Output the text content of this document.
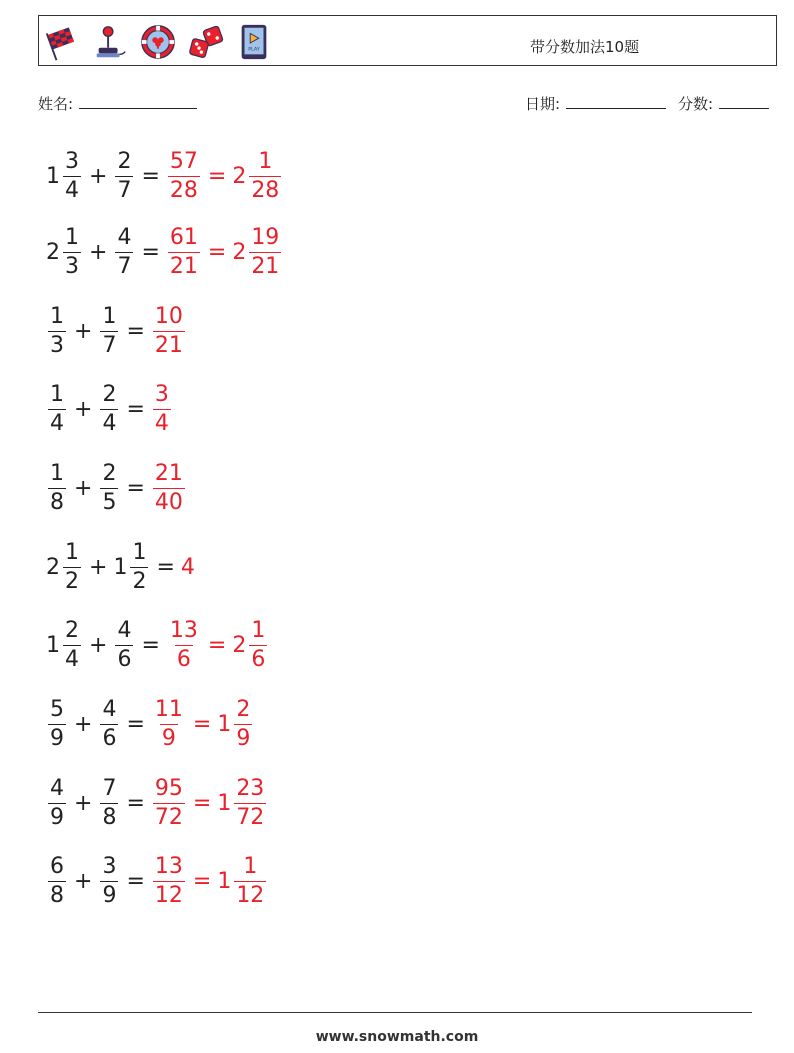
PLAY	带分数加法10题
姓名:	日期:	分数:
$1 \frac{3}{4} + \frac{2}{7} = \frac{57}{28} = 2 \frac{1}{28}$
$2 \frac{1}{3} + \frac{4}{7} = \frac{61}{21} = 2 \frac{19}{21}$
$\frac{1}{3} + \frac{1}{7} = \frac{10}{21}$
$\frac{1}{4} + \frac{2}{4} = \frac{3}{4}$
$\frac{1}{8} + \frac{2}{5} = \frac{21}{40}$
$2 \frac{1}{2} + 1 \frac{1}{2} = 4$
$1 \frac{2}{4} + \frac{4}{6} = \frac{13}{6} = 2 \frac{1}{6}$
$\frac{5}{9} + \frac{4}{6} = \frac{11}{9} = 1 \frac{2}{9}$
$\frac{4}{9} + \frac{7}{8} = \frac{95}{72} = 1 \frac{23}{72}$
$\frac{6}{8} + \frac{3}{9} = \frac{13}{12} = 1 \frac{1}{12}$
www.snowmath.com
